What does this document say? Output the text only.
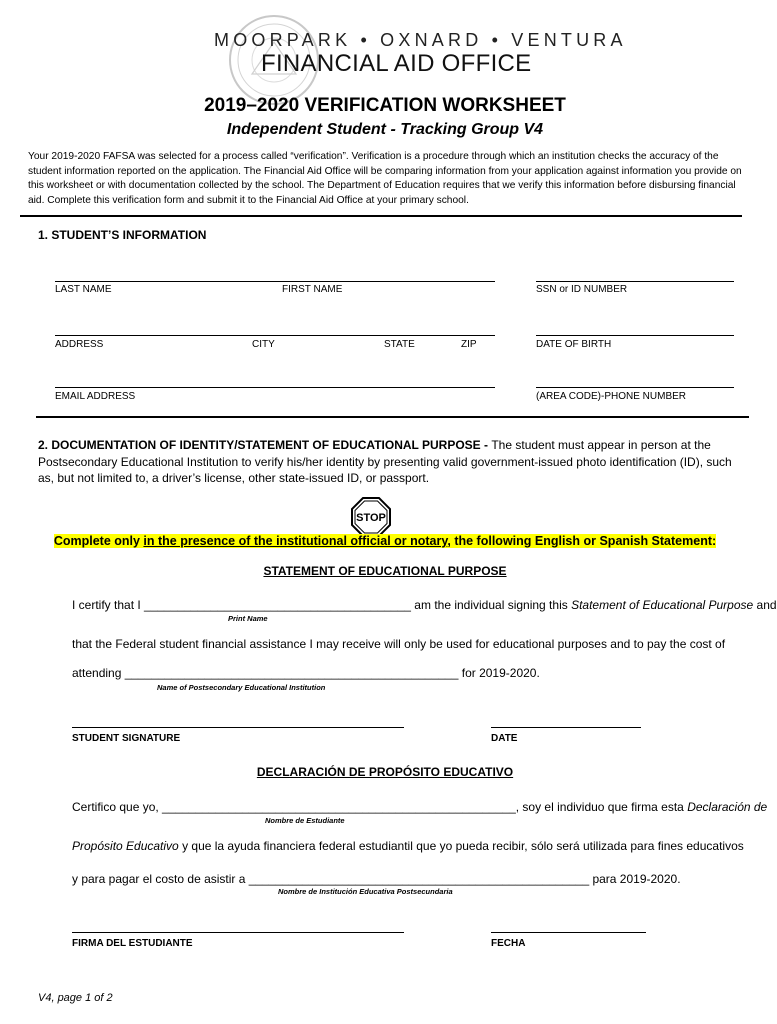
MOORPARK • OXNARD • VENTURA
FINANCIAL AID OFFICE
2019–2020 VERIFICATION WORKSHEET
Independent Student - Tracking Group V4
Your 2019-2020 FAFSA was selected for a process called “verification”. Verification is a procedure through which an institution checks the accuracy of the student information reported on the application. The Financial Aid Office will be comparing information from your application against information you provide on this worksheet or with documentation collected by the school. The Department of Education requires that we verify this information before disbursing financial aid. Complete this verification form and submit it to the Financial Aid Office at your primary school.
1. STUDENT’S INFORMATION
LAST NAME	FIRST NAME	SSN or ID NUMBER
ADDRESS	CITY	STATE	ZIP	DATE OF BIRTH
EMAIL ADDRESS	(AREA CODE)-PHONE NUMBER
2. DOCUMENTATION OF IDENTITY/STATEMENT OF EDUCATIONAL PURPOSE - The student must appear in person at the Postsecondary Educational Institution to verify his/her identity by presenting valid government-issued photo identification (ID), such as, but not limited to, a driver’s license, other state-issued ID, or passport.
STOP
Complete only in the presence of the institutional official or notary, the following English or Spanish Statement:
STATEMENT OF EDUCATIONAL PURPOSE
I certify that I ________________________________________ am the individual signing this Statement of Educational Purpose and
Print Name
that the Federal student financial assistance I may receive will only be used for educational purposes and to pay the cost of
attending __________________________________________________ for 2019-2020.
Name of Postsecondary Educational Institution
STUDENT SIGNATURE	DATE
DECLARACIÓN DE PROPÓSITO EDUCATIVO
Certifico que yo, _____________________________________________________, soy el individuo que firma esta Declaración de
Nombre de Estudiante
Propósito Educativo y que la ayuda financiera federal estudiantil que yo pueda recibir, sólo será utilizada para fines educativos
y para pagar el costo de asistir a ___________________________________________________ para 2019-2020.
Nombre de Institución Educativa Postsecundaria
FIRMA DEL ESTUDIANTE	FECHA
V4, page 1 of 2
